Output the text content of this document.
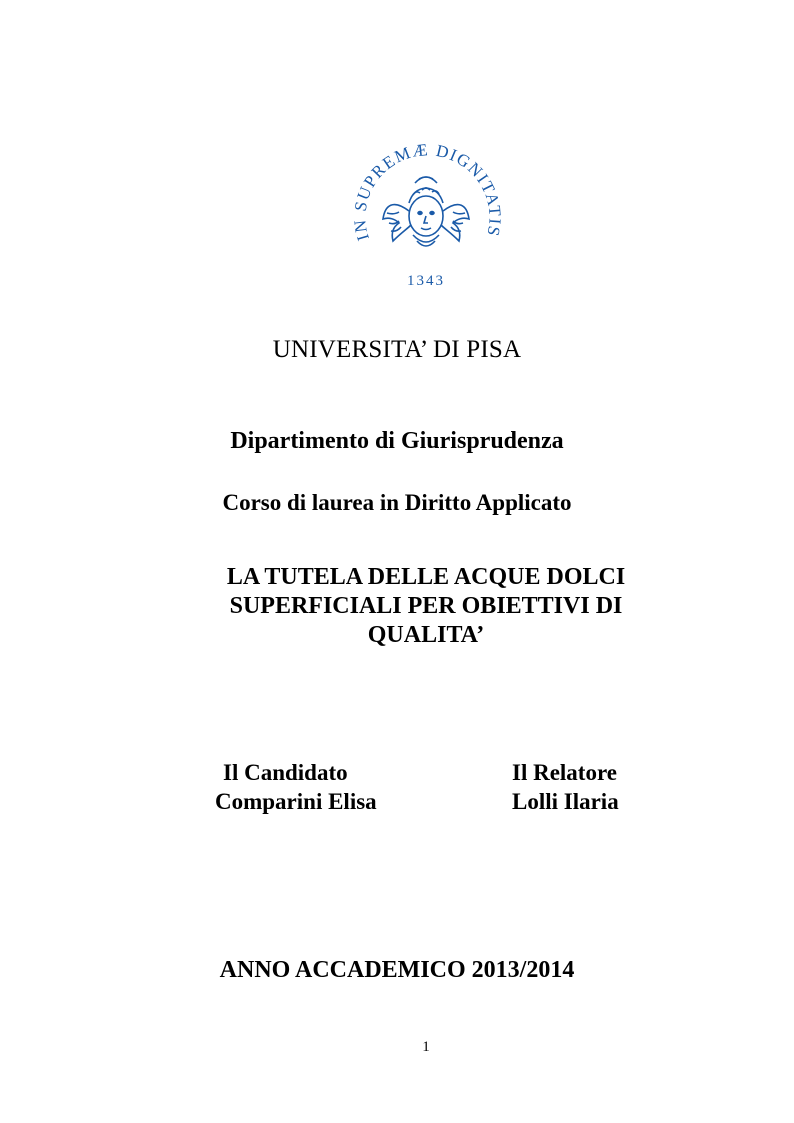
IN SUPREMÆ DIGNITATIS
1343
UNIVERSITA’ DI PISA
Dipartimento di Giurisprudenza
Corso di laurea in Diritto Applicato
LA TUTELA DELLE ACQUE DOLCI
SUPERFICIALI PER OBIETTIVI DI
QUALITA’
Il Candidato
Comparini Elisa
Il Relatore
Lolli Ilaria
ANNO ACCADEMICO 2013/2014
1
